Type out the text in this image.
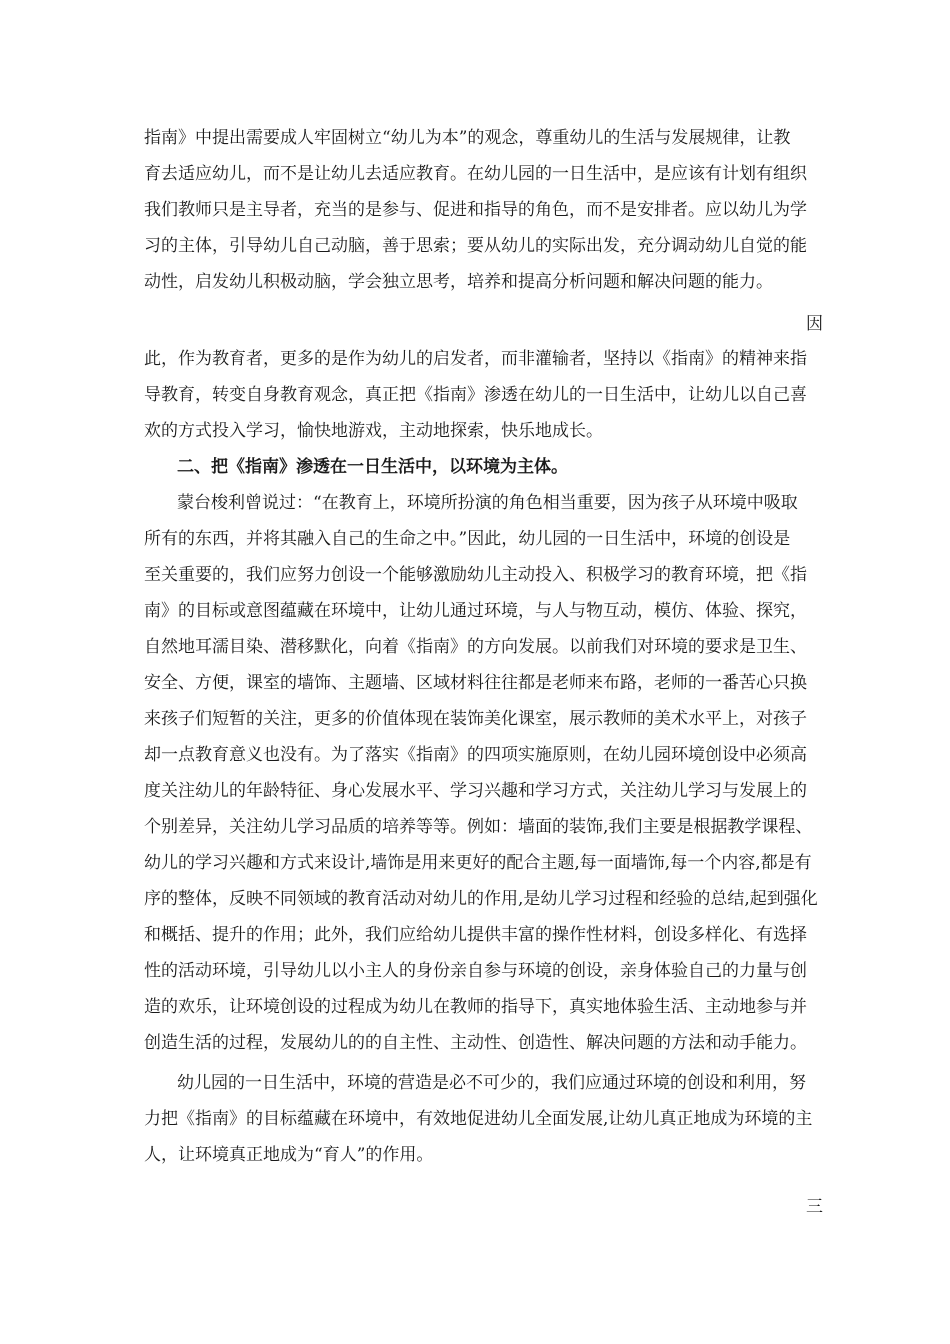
指南》中提出需要成人牢固树立“幼儿为本”的观念，尊重幼儿的生活与发展规律，让教
育去适应幼儿，而不是让幼儿去适应教育。在幼儿园的一日生活中，是应该有计划有组织
我们教师只是主导者，充当的是参与、促进和指导的角色，而不是安排者。应以幼儿为学
习的主体，引导幼儿自己动脑，善于思索；要从幼儿的实际出发，充分调动幼儿自觉的能
动性，启发幼儿积极动脑，学会独立思考，培养和提高分析问题和解决问题的能力。
因
此，作为教育者，更多的是作为幼儿的启发者，而非灌输者，坚持以《指南》的精神来指
导教育，转变自身教育观念，真正把《指南》渗透在幼儿的一日生活中，让幼儿以自己喜
欢的方式投入学习，愉快地游戏，主动地探索，快乐地成长。
二、把《指南》渗透在一日生活中，以环境为主体。
蒙台梭利曾说过：“在教育上，环境所扮演的角色相当重要，因为孩子从环境中吸取
所有的东西，并将其融入自己的生命之中。”因此，幼儿园的一日生活中，环境的创设是
至关重要的，我们应努力创设一个能够激励幼儿主动投入、积极学习的教育环境，把《指
南》的目标或意图蕴藏在环境中，让幼儿通过环境，与人与物互动，模仿、体验、探究，
自然地耳濡目染、潜移默化，向着《指南》的方向发展。以前我们对环境的要求是卫生、
安全、方便，课室的墙饰、主题墙、区域材料往往都是老师来布路，老师的一番苦心只换
来孩子们短暂的关注，更多的价值体现在装饰美化课室，展示教师的美术水平上，对孩子
却一点教育意义也没有。为了落实《指南》的四项实施原则，在幼儿园环境创设中必须高
度关注幼儿的年龄特征、身心发展水平、学习兴趣和学习方式，关注幼儿学习与发展上的
个别差异，关注幼儿学习品质的培养等等。例如：墙面的装饰,我们主要是根据教学课程、
幼儿的学习兴趣和方式来设计,墙饰是用来更好的配合主题,每一面墙饰,每一个内容,都是有
序的整体，反映不同领域的教育活动对幼儿的作用,是幼儿学习过程和经验的总结,起到强化
和概括、提升的作用；此外，我们应给幼儿提供丰富的操作性材料，创设多样化、有选择
性的活动环境，引导幼儿以小主人的身份亲自参与环境的创设，亲身体验自己的力量与创
造的欢乐，让环境创设的过程成为幼儿在教师的指导下，真实地体验生活、主动地参与并
创造生活的过程，发展幼儿的的自主性、主动性、创造性、解决问题的方法和动手能力。
幼儿园的一日生活中，环境的营造是必不可少的，我们应通过环境的创设和利用，努
力把《指南》的目标蕴藏在环境中，有效地促进幼儿全面发展,让幼儿真正地成为环境的主
人，让环境真正地成为“育人”的作用。
三
